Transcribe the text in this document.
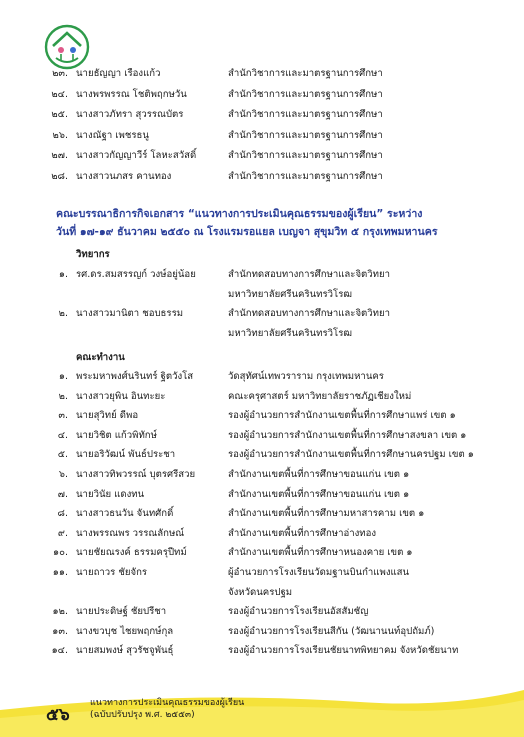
๒๓. นายธัญญา เรืองแก้ว	สำนักวิชาการและมาตรฐานการศึกษา
๒๔. นางพรพรรณ โชติพฤกษวัน	สำนักวิชาการและมาตรฐานการศึกษา
๒๕. นางสาวภัทรา สุวรรณบัตร	สำนักวิชาการและมาตรฐานการศึกษา
๒๖. นางณัฐา เพชรธนู	สำนักวิชาการและมาตรฐานการศึกษา
๒๗. นางสาวกัญญาวีร์ โลหะสวัสดิ์	สำนักวิชาการและมาตรฐานการศึกษา
๒๘. นางสาวนภสร คานทอง	สำนักวิชาการและมาตรฐานการศึกษา
คณะบรรณาธิการกิจเอกสาร “แนวทางการประเมินคุณธรรมของผู้เรียน” ระหว่าง
วันที่ ๑๗-๑๙ ธันวาคม ๒๕๕๐ ณ โรงแรมรอแยล เบญจา สุขุมวิท ๕ กรุงเทพมหานคร
วิทยากร
๑. รศ.ดร.สมสรรญก์ วงษ์อยู่น้อย	สำนักทดสอบทางการศึกษาและจิตวิทยา
มหาวิทยาลัยศรีนครินทรวิโรฒ
๒. นางสาวมานิตา ชอบธรรม	สำนักทดสอบทางการศึกษาและจิตวิทยา
มหาวิทยาลัยศรีนครินทรวิโรฒ
คณะทำงาน
๑. พระมหาพงศ์นรินทร์ ฐิตวังโส	วัดสุทัศน์เทพวราราม กรุงเทพมหานคร
๒. นางสาวยุพิน อินทะยะ	คณะครุศาสตร์ มหาวิทยาลัยราชภัฏเชียงใหม่
๓. นายสุวิทย์ ดีพอ	รองผู้อำนวยการสำนักงานเขตพื้นที่การศึกษาแพร่ เขต ๑
๔. นายวิชิต แก้วพิทักษ์	รองผู้อำนวยการสำนักงานเขตพื้นที่การศึกษาสงขลา เขต ๑
๕. นายอริวัฒน์ พันธ์ประชา	รองผู้อำนวยการสำนักงานเขตพื้นที่การศึกษานครปฐม เขต ๑
๖. นางสาวทิพวรรณ์ บุตรศรีสวย	สำนักงานเขตพื้นที่การศึกษาขอนแก่น เขต ๑
๗. นายวินัย แดงทน	สำนักงานเขตพื้นที่การศึกษาขอนแก่น เขต ๑
๘. นางสาวธนวัน จันทศักดิ์	สำนักงานเขตพื้นที่การศึกษามหาสารคาม เขต ๑
๙. นางพรรณพร วรรณลักษณ์	สำนักงานเขตพื้นที่การศึกษาอ่างทอง
๑๐. นายชัยณรงค์ ธรรมครุปีทม์	สำนักงานเขตพื้นที่การศึกษาหนองคาย เขต ๑
๑๑. นายถาวร ชัยจักร	ผู้อำนวยการโรงเรียนวัดมฐานบินกำแพงแสน
จังหวัดนครปฐม
๑๒. นายประดิษฐ์ ชัยปรีชา	รองผู้อำนวยการโรงเรียนอัสสัมชัญ
๑๓. นางขวบุช ไชยพฤกษ์กุล	รองผู้อำนวยการโรงเรียนสีกัน (วัฒนานนท์อุปถัมภ์)
๑๔. นายสมพงษ์ สุวรัชจูพันธุ์	รองผู้อำนวยการโรงเรียนชัยนาทพิทยาคม จังหวัดชัยนาท
๕๖
แนวทางการประเมินคุณธรรมของผู้เรียน
(ฉบับปรับปรุง พ.ศ. ๒๕๕๓)
